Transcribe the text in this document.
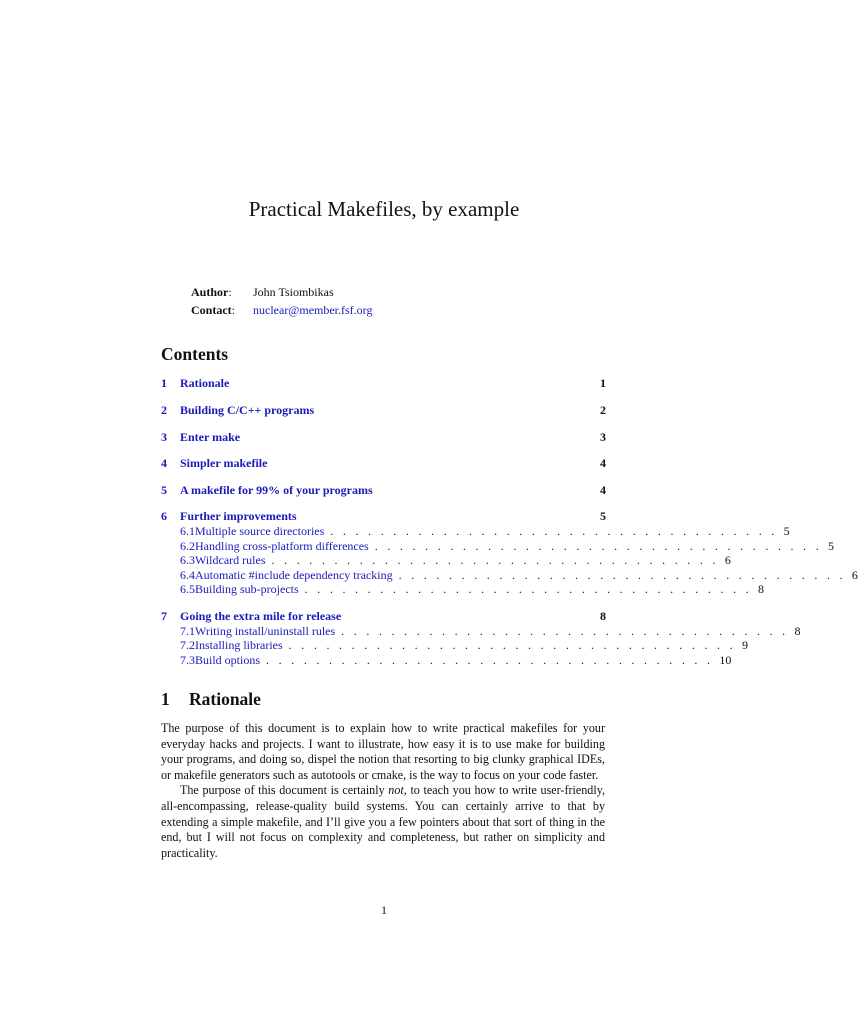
Practical Makefiles, by example
Author:	John Tsiombikas
Contact:	nuclear@member.fsf.org
Contents
1	Rationale	1
2	Building C/C++ programs	2
3	Enter make	3
4	Simpler makefile	4
5	A makefile for 99% of your programs	4
6	Further improvements	5
6.1 Multiple source directories . . . . . . . . . . . . . . . . . . . . . . . . . . . . . . . . . . . . 5
6.2 Handling cross-platform differences . . . . . . . . . . . . . . . . . . . . . . . . . . . . . . . . . . . . 5
6.3 Wildcard rules . . . . . . . . . . . . . . . . . . . . . . . . . . . . . . . . . . . . 6
6.4 Automatic #include dependency tracking . . . . . . . . . . . . . . . . . . . . . . . . . . . . . . . . . . . . 6
6.5 Building sub-projects . . . . . . . . . . . . . . . . . . . . . . . . . . . . . . . . . . . . 8
7	Going the extra mile for release	8
7.1 Writing install/uninstall rules . . . . . . . . . . . . . . . . . . . . . . . . . . . . . . . . . . . . 8
7.2 Installing libraries . . . . . . . . . . . . . . . . . . . . . . . . . . . . . . . . . . . . 9
7.3 Build options . . . . . . . . . . . . . . . . . . . . . . . . . . . . . . . . . . . . 10
1	Rationale

The purpose of this document is to explain how to write practical makefiles for your everyday hacks and projects. I want to illustrate, how easy it is to use make for building your programs, and doing so, dispel the notion that resorting to big clunky graphical IDEs, or makefile generators such as autotools or cmake, is the way to focus on your code faster.

The purpose of this document is certainly not, to teach you how to write user-friendly, all-encompassing, release-quality build systems. You can certainly arrive to that by extending a simple makefile, and I’ll give you a few pointers about that sort of thing in the end, but I will not focus on complexity and completeness, but rather on simplicity and practicality.

1
